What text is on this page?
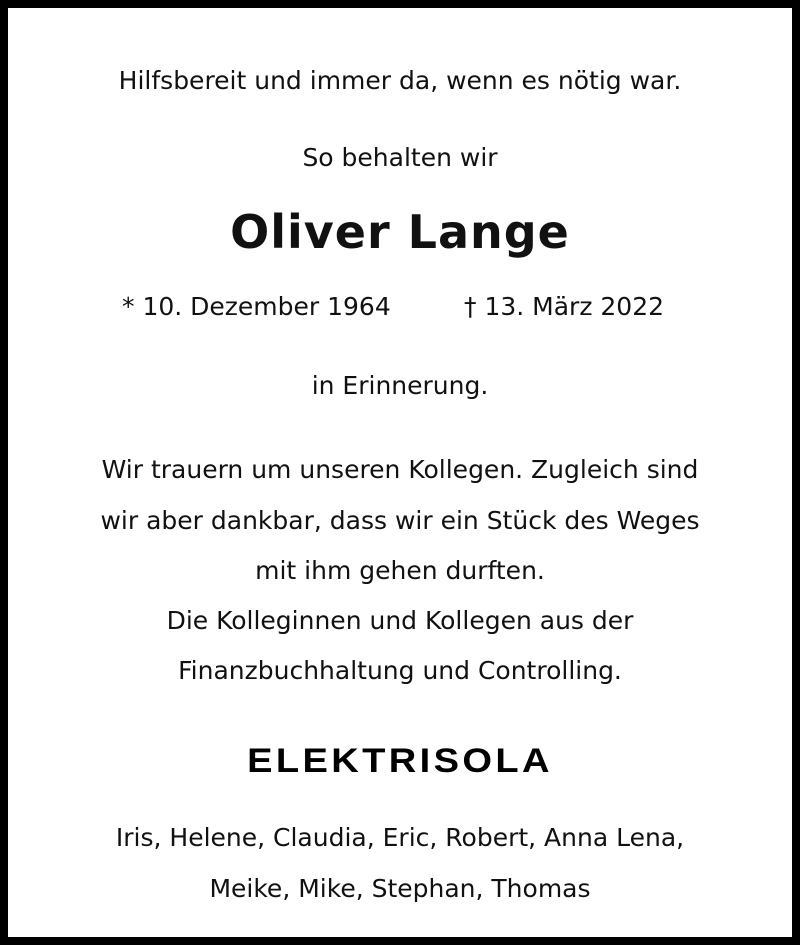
Hilfsbereit und immer da, wenn es nötig war.
So behalten wir
Oliver Lange
* 10. Dezember 1964	† 13. März 2022
in Erinnerung.
Wir trauern um unseren Kollegen. Zugleich sind
wir aber dankbar, dass wir ein Stück des Weges
mit ihm gehen durften.
Die Kolleginnen und Kollegen aus der
Finanzbuchhaltung und Controlling.
ELEKTRISOLA
Iris, Helene, Claudia, Eric, Robert, Anna Lena,
Meike, Mike, Stephan, Thomas
